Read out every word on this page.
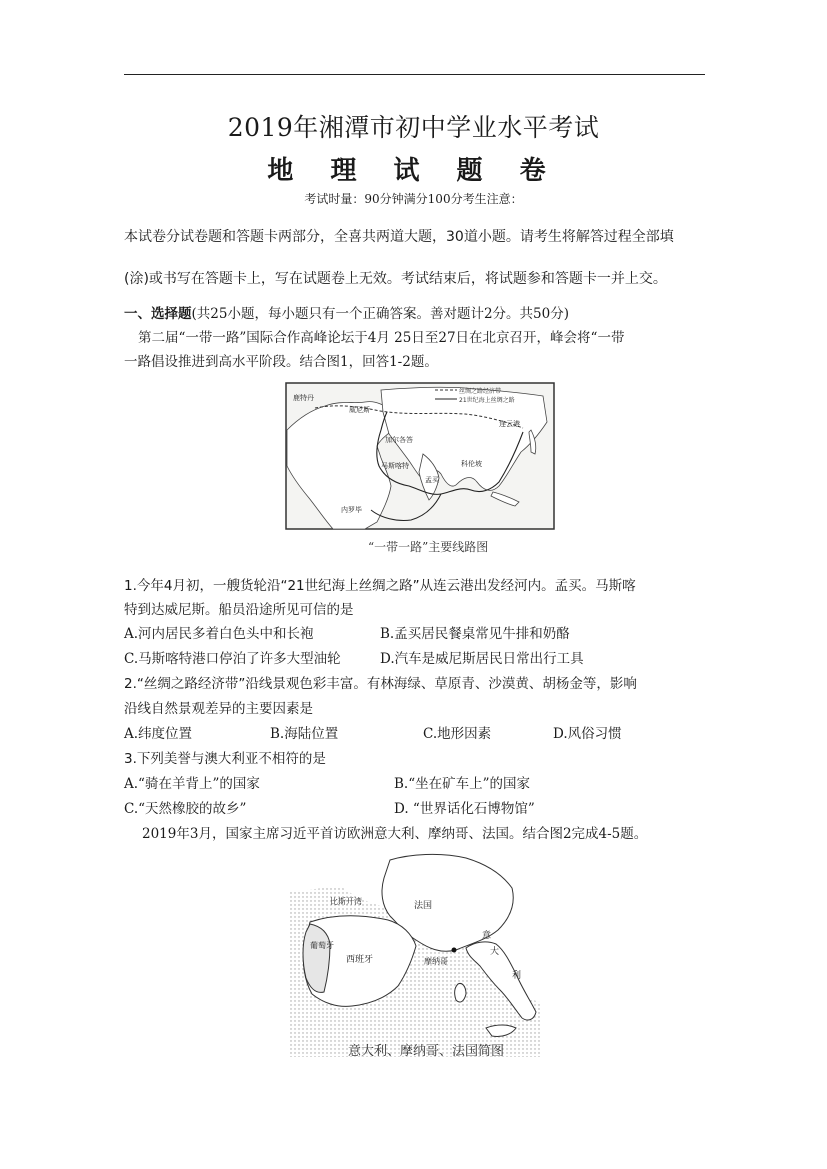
2019年湘潭市初中学业水平考试
地 理 试 题 卷
考试时量：90分钟满分100分考生注意：
本试卷分试卷题和答题卡两部分，全喜共两道大题，30道小题。请考生将解答过程全部填
(涂)或书写在答题卡上，写在试题卷上无效。考试结束后，将试题参和答题卡一并上交。
一、选择题(共25小题，每小题只有一个正确答案。善对题计2分。共50分)
第二届“一带一路”国际合作高峰论坛于4月 25日至27日在北京召开，峰会将“一带
一路倡设推进到高水平阶段。结合图1，回答1-2题。
丝绸之路经济带
21世纪海上丝绸之路
鹿特丹
威尼斯
加尔各答
马斯喀特
孟买
科伦坡
连云港
内罗毕
“一带一路”主要线路图
1.今年4月初，一艘货轮沿“21世纪海上丝绸之路”从连云港出发经河内。孟买。马斯喀
特到达威尼斯。船员沿途所见可信的是
A.河内居民多着白色头中和长袍	B.孟买居民餐桌常见牛排和奶酪
C.马斯喀特港口停泊了许多大型油轮	D.汽车是威尼斯居民日常出行工具
2.“丝绸之路经济带”沿线景观色彩丰富。有林海绿、草原青、沙漠黄、胡杨金等，影响
沿线自然景观差异的主要因素是
A.纬度位置	B.海陆位置	C.地形因素	D.风俗习惯
3.下列美誉与澳大利亚不相符的是
A.“骑在羊背上”的国家	B.“坐在矿车上”的国家
C.“天然橡胶的故乡”	D. “世界话化石博物馆”
2019年3月，国家主席习近平首访欧洲意大利、摩纳哥、法国。结合图2完成4-5题。
比斯开湾	法国
葡萄牙
西班牙	摩纳哥
意
大
利
意大利、摩纳哥、法国简图
